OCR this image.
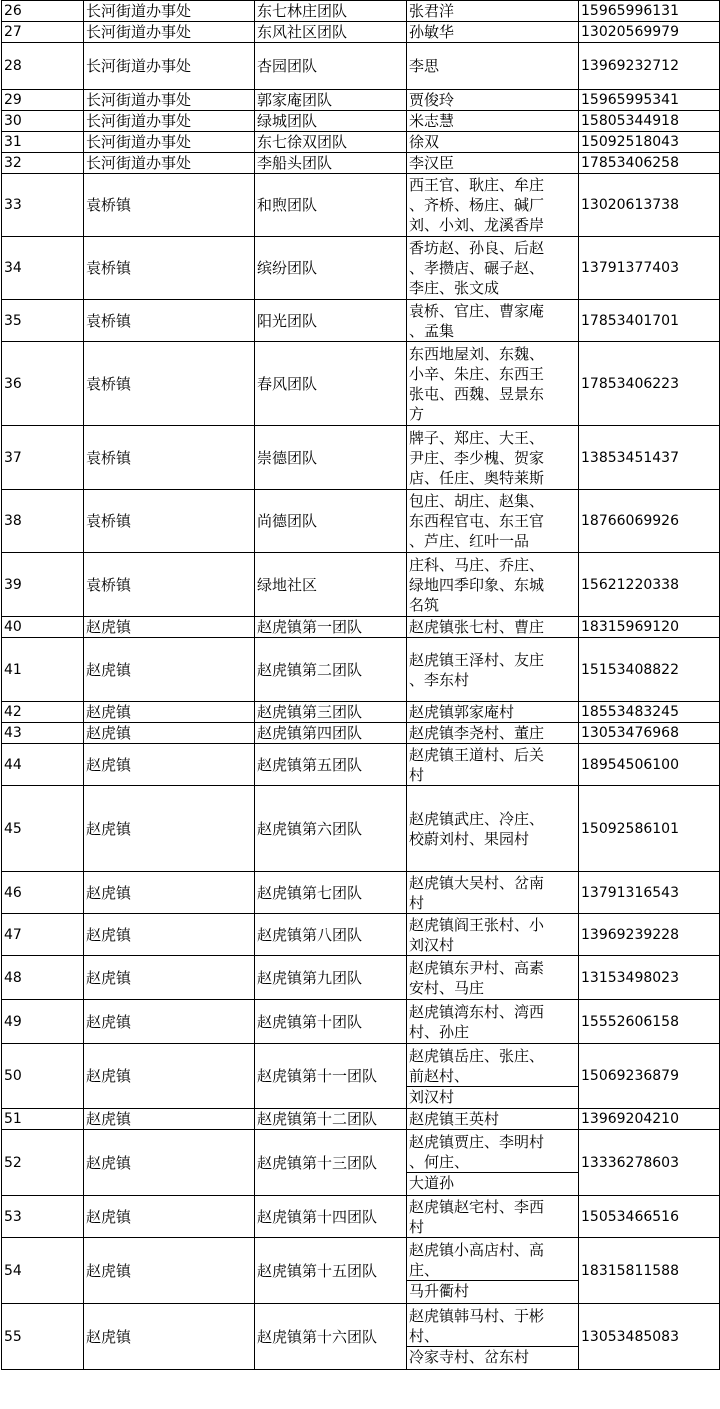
26	长河街道办事处	东七林庄团队	张君洋	15965996131
27	长河街道办事处	东风社区团队	孙敏华	13020569979
28	长河街道办事处	杏园团队	李思	13969232712
29	长河街道办事处	郭家庵团队	贾俊玲	15965995341
30	长河街道办事处	绿城团队	米志慧	15805344918
31	长河街道办事处	东七徐双团队	徐双	15092518043
32	长河街道办事处	李船头团队	李汉臣	17853406258
33	袁桥镇	和煦团队	西王官、耿庄、牟庄
、齐桥、杨庄、碱厂
刘、小刘、龙溪香岸	13020613738
34	袁桥镇	缤纷团队	香坊赵、孙良、后赵
、孝攒店、碾子赵、
李庄、张文成	13791377403
35	袁桥镇	阳光团队	袁桥、官庄、曹家庵
、孟集	17853401701
36	袁桥镇	春风团队	东西地屋刘、东魏、
小辛、朱庄、东西王
张屯、西魏、昱景东
方	17853406223
37	袁桥镇	崇德团队	牌子、郑庄、大王、
尹庄、李少槐、贺家
店、任庄、奥特莱斯	13853451437
38	袁桥镇	尚德团队	包庄、胡庄、赵集、
东西程官屯、东王官
、芦庄、红叶一品	18766069926
39	袁桥镇	绿地社区	庄科、马庄、乔庄、
绿地四季印象、东城
名筑	15621220338
40	赵虎镇	赵虎镇第一团队	赵虎镇张七村、曹庄	18315969120
41	赵虎镇	赵虎镇第二团队	赵虎镇王泽村、友庄
、李东村	15153408822
42	赵虎镇	赵虎镇第三团队	赵虎镇郭家庵村	18553483245
43	赵虎镇	赵虎镇第四团队	赵虎镇李尧村、董庄	13053476968
44	赵虎镇	赵虎镇第五团队	赵虎镇王道村、后关
村	18954506100
45	赵虎镇	赵虎镇第六团队	赵虎镇武庄、冷庄、
校蔚刘村、果园村	15092586101
46	赵虎镇	赵虎镇第七团队	赵虎镇大吴村、岔南
村	13791316543
47	赵虎镇	赵虎镇第八团队	赵虎镇阎王张村、小
刘汉村	13969239228
48	赵虎镇	赵虎镇第九团队	赵虎镇东尹村、高素
安村、马庄	13153498023
49	赵虎镇	赵虎镇第十团队	赵虎镇湾东村、湾西
村、孙庄	15552606158
50	赵虎镇	赵虎镇第十一团队	赵虎镇岳庄、张庄、
前赵村、
刘汉村	15069236879
51	赵虎镇	赵虎镇第十二团队	赵虎镇王英村	13969204210
52	赵虎镇	赵虎镇第十三团队	赵虎镇贾庄、李明村
、何庄、
大道孙	13336278603
53	赵虎镇	赵虎镇第十四团队	赵虎镇赵宅村、李西
村	15053466516
54	赵虎镇	赵虎镇第十五团队	赵虎镇小高店村、高
庄、
马升衢村	18315811588
55	赵虎镇	赵虎镇第十六团队	赵虎镇韩马村、于彬
村、
冷家寺村、岔东村	13053485083
